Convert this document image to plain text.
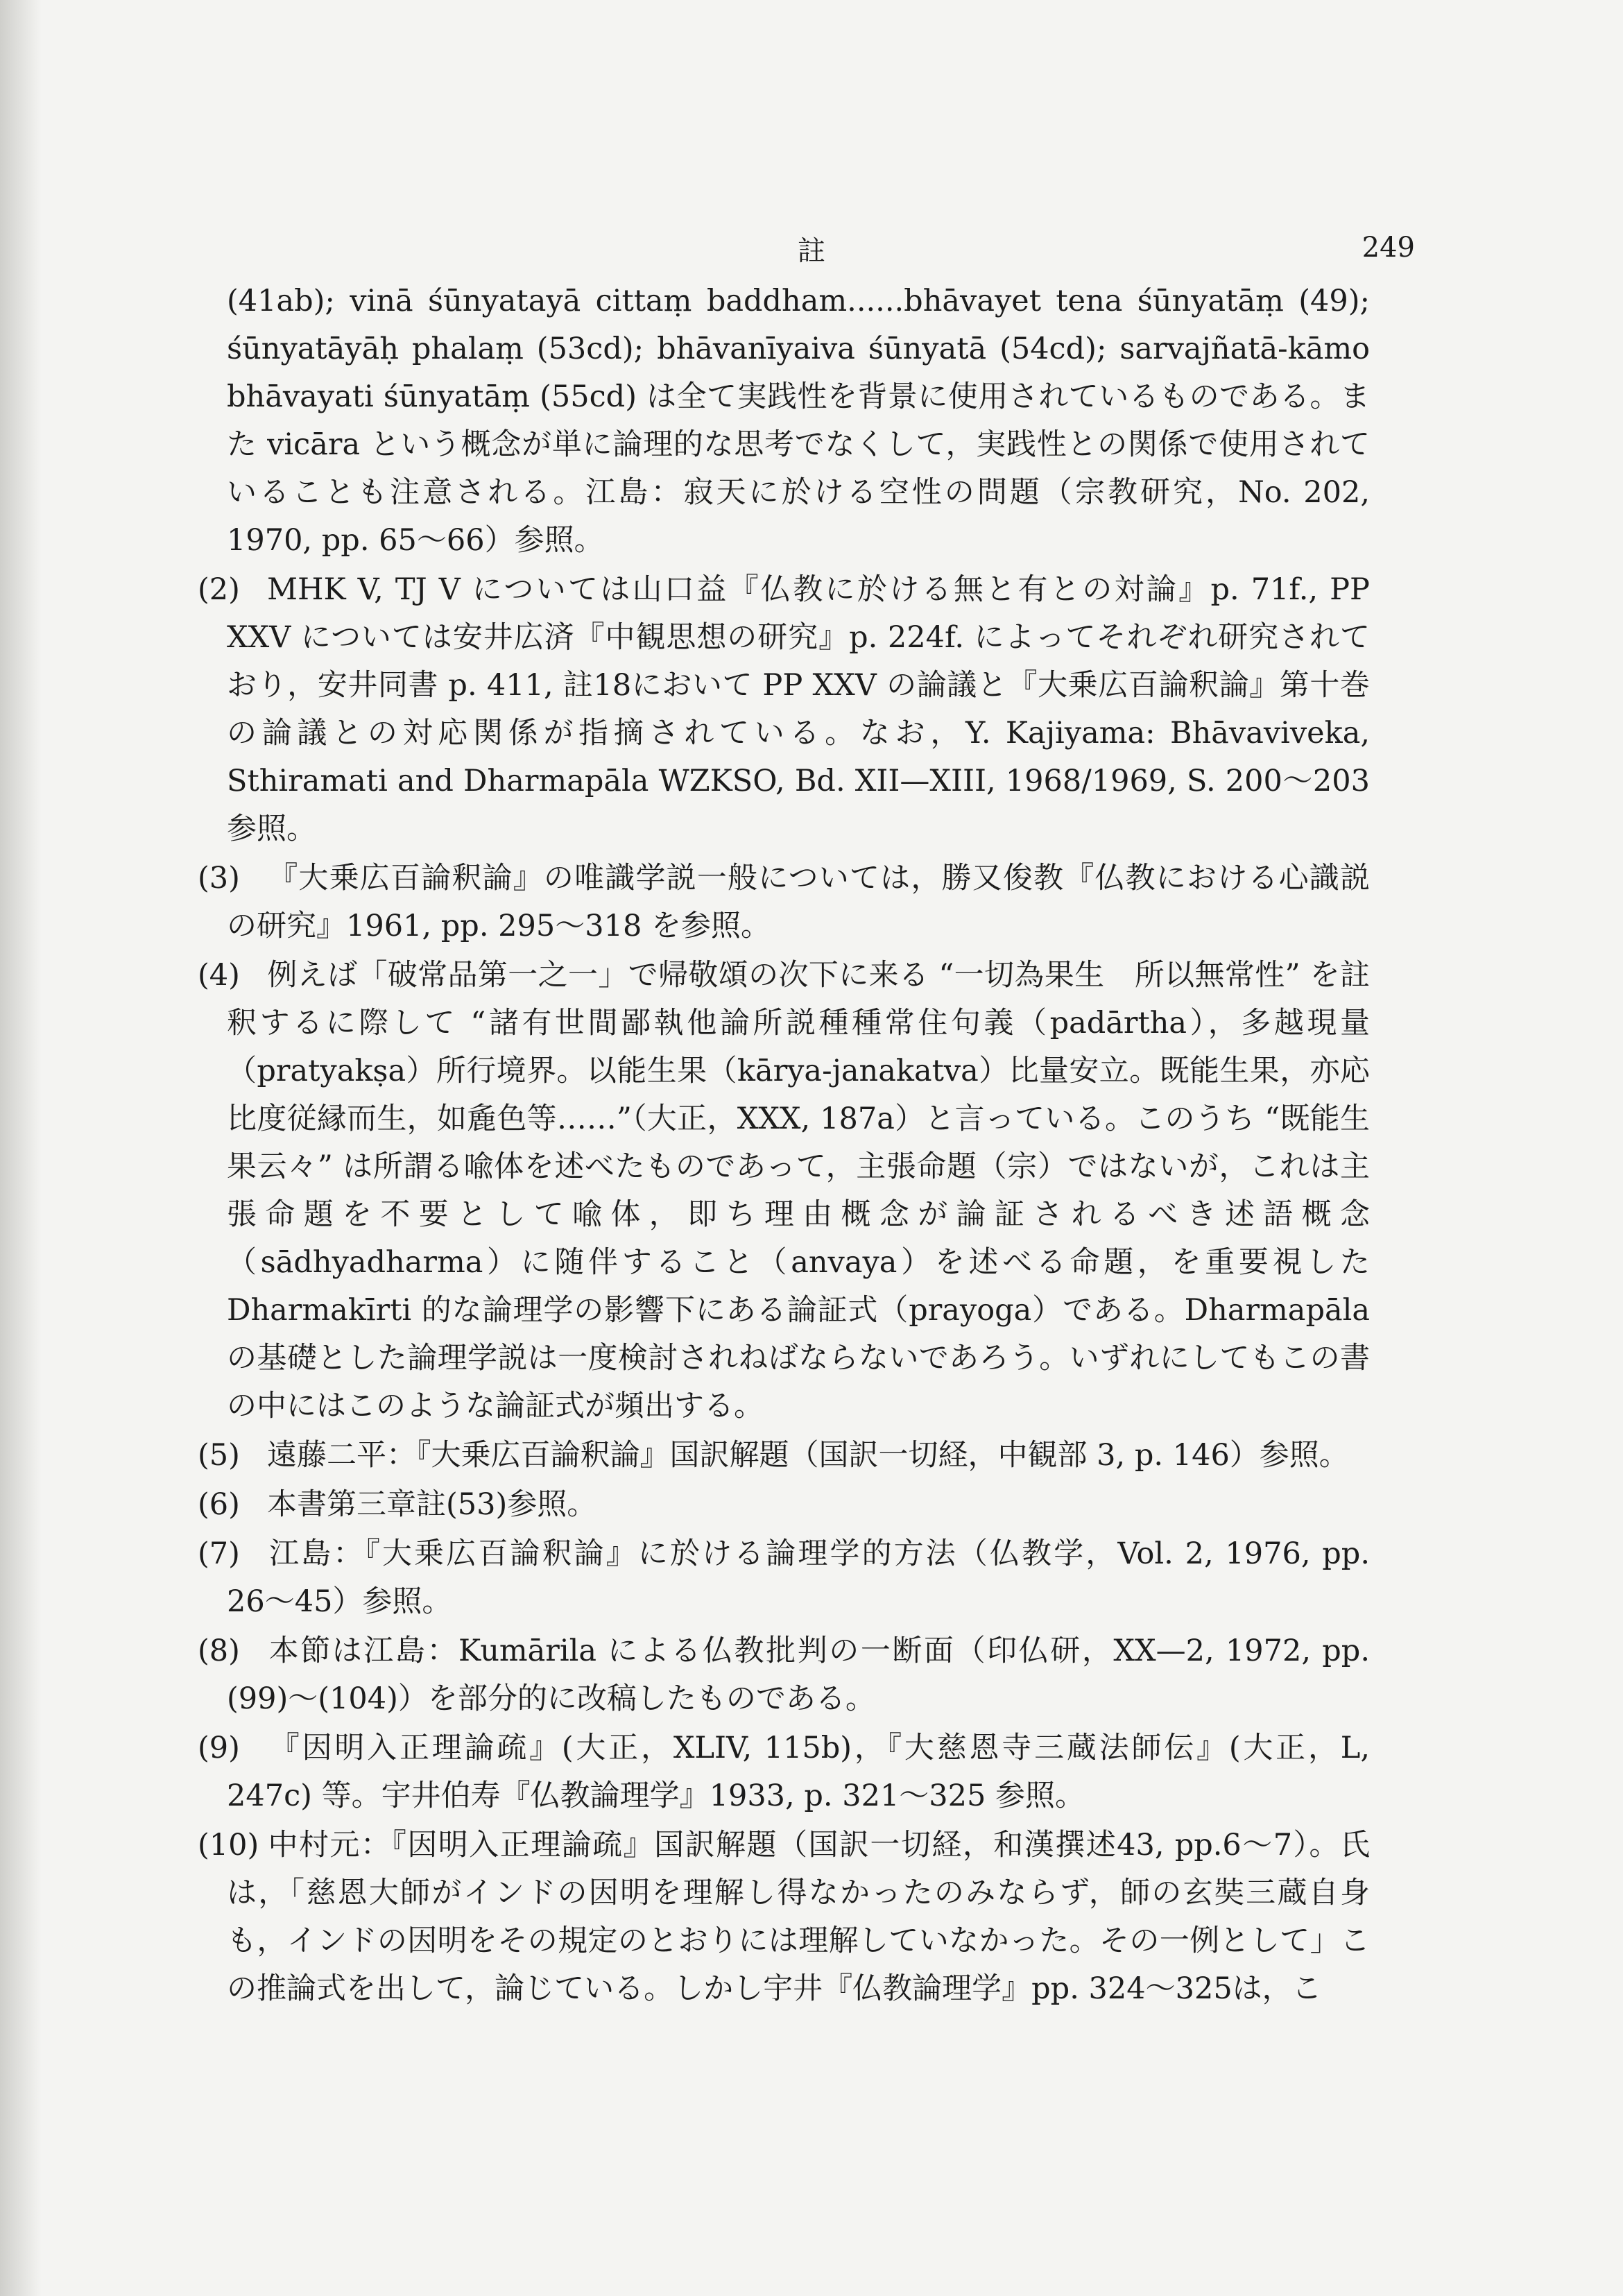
註	249

(41ab); vinā śūnyatayā cittaṃ baddham......bhāvayet tena śūnyatāṃ (49); śūnyatāyāḥ phalaṃ (53cd); bhāvanīyaiva śūnyatā (54cd); sarvajñatā-kāmo bhāvayati śūnyatāṃ (55cd) は全て実践性を背景に使用されているものである。また vicāra という概念が単に論理的な思考でなくして，実践性との関係で使用されていることも注意される。江島：寂天に於ける空性の問題（宗教研究，No. 202, 1970, pp. 65〜66）参照。

(2) MHK V, TJ V については山口益『仏教に於ける無と有との対論』p. 71f., PP XXV については安井広済『中観思想の研究』p. 224f. によってそれぞれ研究されており，安井同書 p. 411, 註18において PP XXV の論議と『大乗広百論釈論』第十巻の論議との対応関係が指摘されている。なお，Y. Kajiyama: Bhāvaviveka, Sthiramati and Dharmapāla WZKSO, Bd. XII—XIII, 1968/1969, S. 200〜203 参照。

(3) 『大乗広百論釈論』の唯識学説一般については，勝又俊教『仏教における心識説の研究』1961, pp. 295〜318 を参照。

(4) 例えば「破常品第一之一」で帰敬頌の次下に来る “一切為果生　所以無常性” を註釈するに際して “諸有世間鄙執他論所説種種常住句義（padārtha），多越現量（pratyakṣa）所行境界。以能生果（kārya-janakatva）比量安立。既能生果，亦応比度従縁而生，如麁色等……”（大正，XXX, 187a）と言っている。このうち “既能生果云々” は所謂る喩体を述べたものであって，主張命題（宗）ではないが，これは主張命題を不要として喩体，即ち理由概念が論証されるべき述語概念（sādhyadharma）に随伴すること（anvaya）を述べる命題，を重要視した Dharmakīrti 的な論理学の影響下にある論証式（prayoga）である。Dharmapāla の基礎とした論理学説は一度検討されねばならないであろう。いずれにしてもこの書の中にはこのような論証式が頻出する。

(5) 遠藤二平：『大乗広百論釈論』国訳解題（国訳一切経，中観部 3, p. 146）参照。

(6) 本書第三章註(53)参照。

(7) 江島：『大乗広百論釈論』に於ける論理学的方法（仏教学，Vol. 2, 1976, pp. 26〜45）参照。

(8) 本節は江島：Kumārila による仏教批判の一断面（印仏研，XX—2, 1972, pp. (99)〜(104)）を部分的に改稿したものである。

(9) 『因明入正理論疏』(大正，XLIV, 115b)，『大慈恩寺三蔵法師伝』(大正，L, 247c) 等。宇井伯寿『仏教論理学』1933, p. 321〜325 参照。

(10) 中村元：『因明入正理論疏』国訳解題（国訳一切経，和漢撰述43, pp.6〜7）。氏は，「慈恩大師がインドの因明を理解し得なかったのみならず，師の玄奘三蔵自身も，インドの因明をその規定のとおりには理解していなかった。その一例として」この推論式を出して，論じている。しかし宇井『仏教論理学』pp. 324〜325は，こ
